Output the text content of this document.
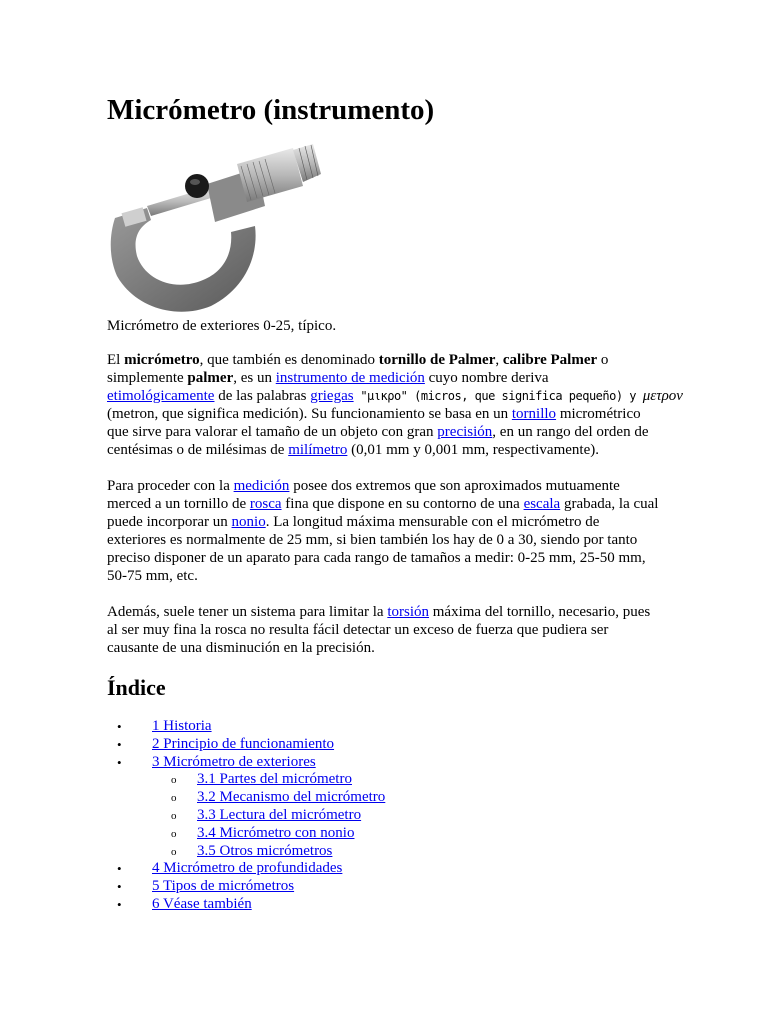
Micrómetro (instrumento)
Micrómetro de exteriores 0-25, típico.

El micrómetro, que también es denominado tornillo de Palmer, calibre Palmer o
simplemente palmer, es un instrumento de medición cuyo nombre deriva
etimológicamente de las palabras griegas "μικρο" (micros, que significa pequeño) y μετρον
(metron, que significa medición). Su funcionamiento se basa en un tornillo micrométrico
que sirve para valorar el tamaño de un objeto con gran precisión, en un rango del orden de
centésimas o de milésimas de milímetro (0,01 mm y 0,001 mm, respectivamente).

Para proceder con la medición posee dos extremos que son aproximados mutuamente
merced a un tornillo de rosca fina que dispone en su contorno de una escala grabada, la cual
puede incorporar un nonio. La longitud máxima mensurable con el micrómetro de
exteriores es normalmente de 25 mm, si bien también los hay de 0 a 30, siendo por tanto
preciso disponer de un aparato para cada rango de tamaños a medir: 0-25 mm, 25-50 mm,
50-75 mm, etc.

Además, suele tener un sistema para limitar la torsión máxima del tornillo, necesario, pues
al ser muy fina la rosca no resulta fácil detectar un exceso de fuerza que pudiera ser
causante de una disminución en la precisión.

Índice
• 1 Historia
• 2 Principio de funcionamiento
• 3 Micrómetro de exteriores
o 3.1 Partes del micrómetro
o 3.2 Mecanismo del micrómetro
o 3.3 Lectura del micrómetro
o 3.4 Micrómetro con nonio
o 3.5 Otros micrómetros
• 4 Micrómetro de profundidades
• 5 Tipos de micrómetros
• 6 Véase también
